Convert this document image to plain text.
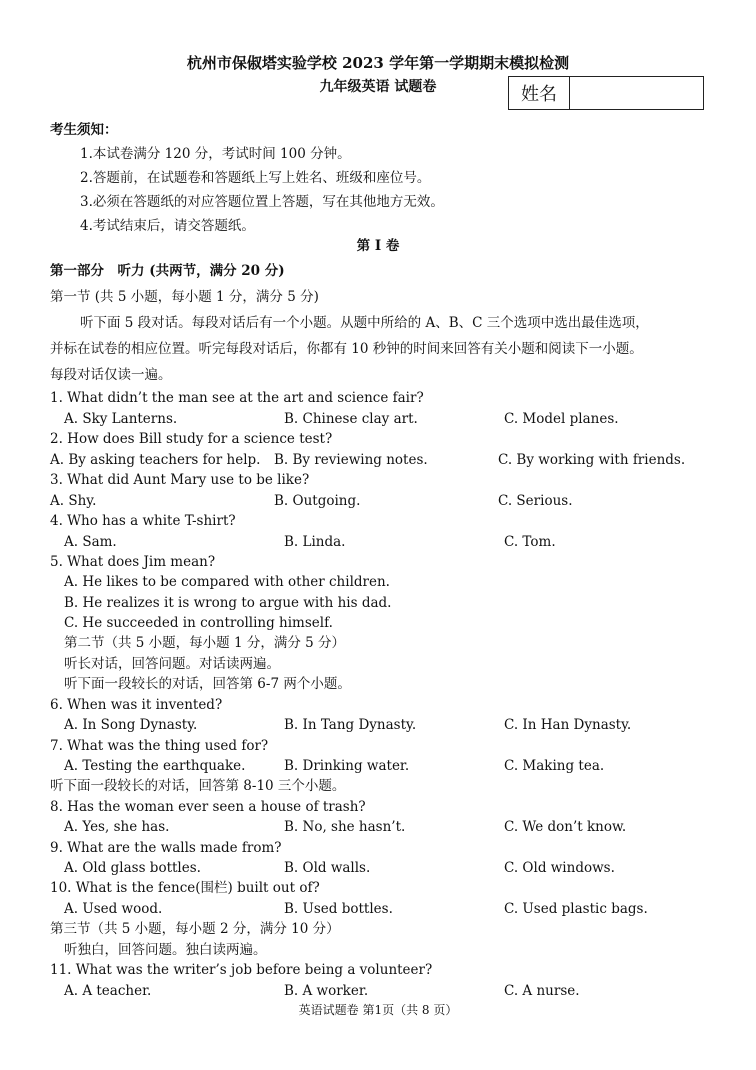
杭州市保俶塔实验学校 2023 学年第一学期期末模拟检测
九年级英语 试题卷	姓名
考生须知：
1.本试卷满分 120 分，考试时间 100 分钟。
2.答题前，在试题卷和答题纸上写上姓名、班级和座位号。
3.必须在答题纸的对应答题位置上答题，写在其他地方无效。
4.考试结束后，请交答题纸。
第 I 卷
第一部分　听力 (共两节，满分 20 分)
第一节 (共 5 小题，每小题 1 分，满分 5 分)
听下面 5 段对话。每段对话后有一个小题。从题中所给的 A、B、C 三个选项中选出最佳选项，
并标在试卷的相应位置。听完每段对话后，你都有 10 秒钟的时间来回答有关小题和阅读下一小题。
每段对话仅读一遍。
1. What didn’t the man see at the art and science fair?
A. Sky Lanterns.	B. Chinese clay art.	C. Model planes.
2. How does Bill study for a science test?
A. By asking teachers for help. B. By reviewing notes.	C. By working with friends.
3. What did Aunt Mary use to be like?
A. Shy.	B. Outgoing.	C. Serious.
4. Who has a white T-shirt?
A. Sam.	B. Linda.	C. Tom.
5. What does Jim mean?
A. He likes to be compared with other children.
B. He realizes it is wrong to argue with his dad.
C. He succeeded in controlling himself.
第二节（共 5 小题，每小题 1 分，满分 5 分）
听长对话，回答问题。对话读两遍。
听下面一段较长的对话，回答第 6-7 两个小题。
6. When was it invented?
A. In Song Dynasty.	B. In Tang Dynasty.	C. In Han Dynasty.
7. What was the thing used for?
A. Testing the earthquake.	B. Drinking water.	C. Making tea.
听下面一段较长的对话，回答第 8-10 三个小题。
8. Has the woman ever seen a house of trash?
A. Yes, she has.	B. No, she hasn’t.	C. We don’t know.
9. What are the walls made from?
A. Old glass bottles.	B. Old walls.	C. Old windows.
10. What is the fence(围栏) built out of?
A. Used wood.	B. Used bottles.	C. Used plastic bags.
第三节（共 5 小题，每小题 2 分，满分 10 分）
听独白，回答问题。独白读两遍。
11. What was the writer’s job before being a volunteer?
A. A teacher.	B. A worker.	C. A nurse.
英语试题卷 第1页（共 8 页）
